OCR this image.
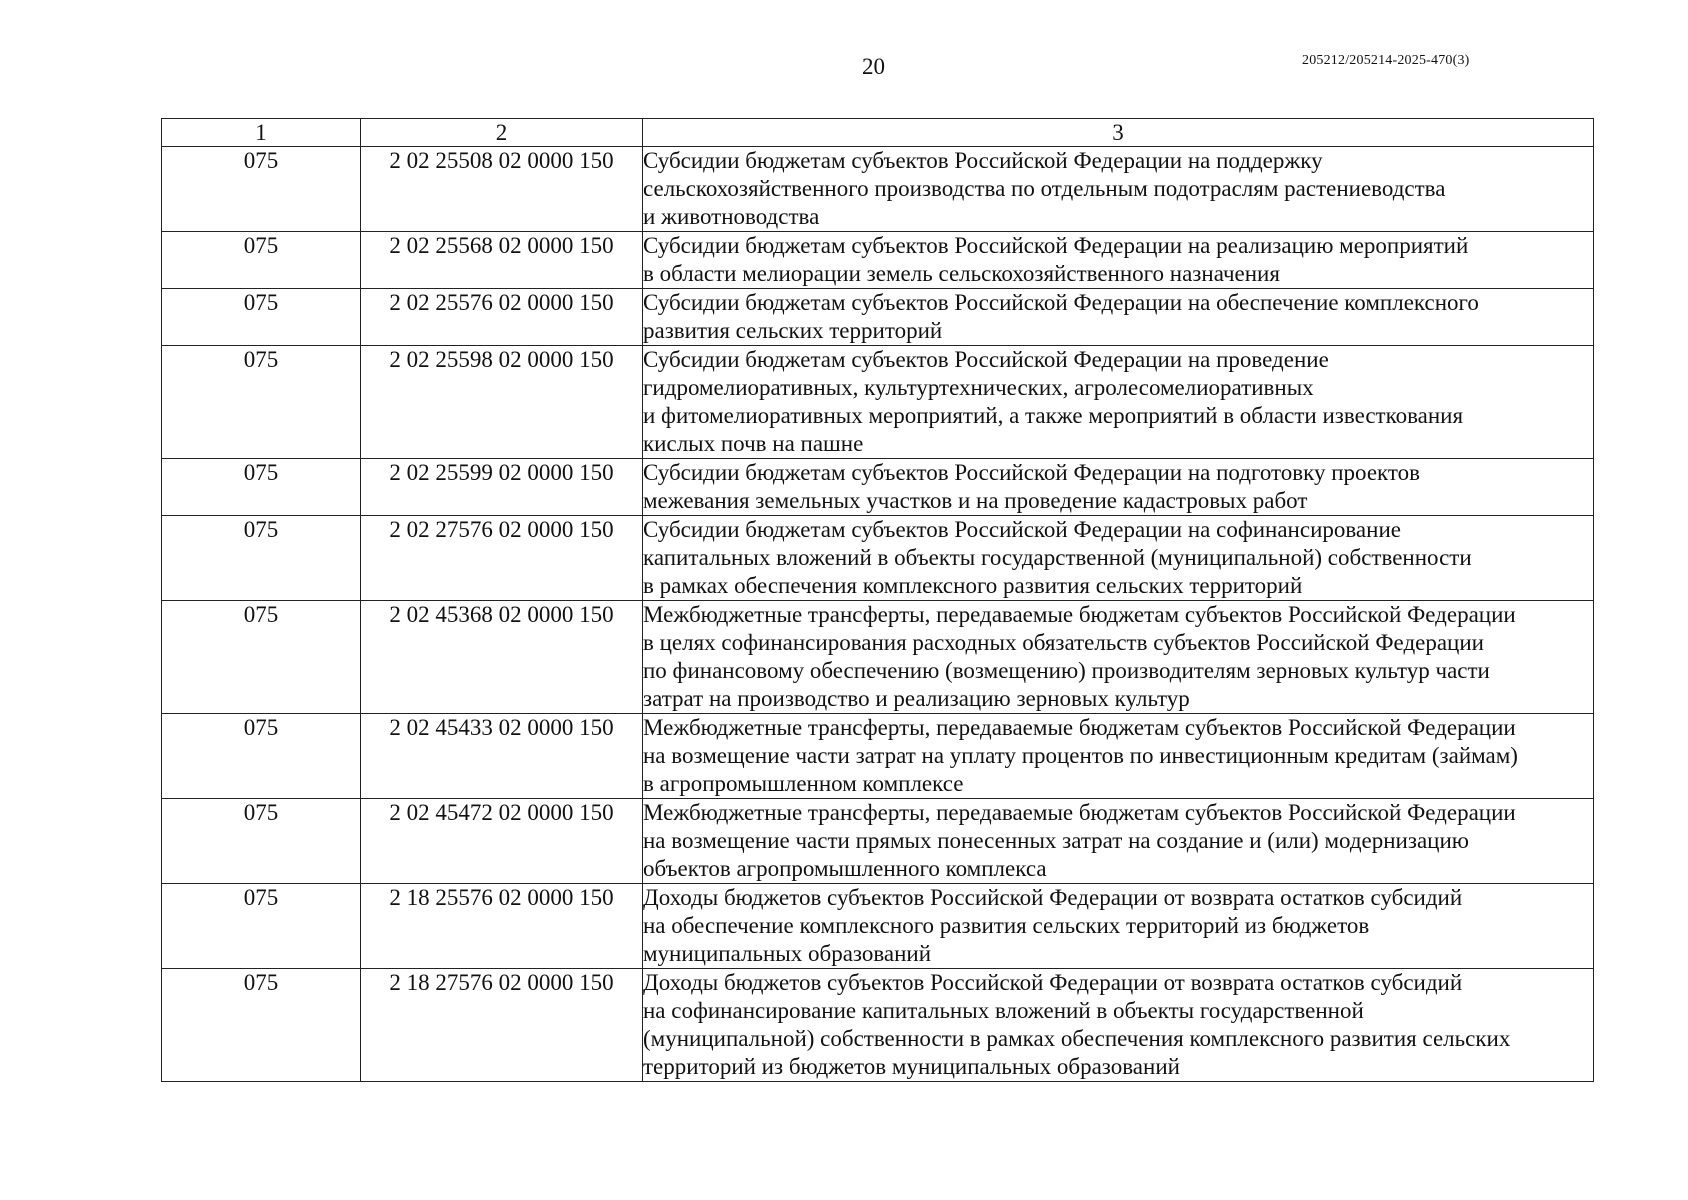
20	205212/205214-2025-470(3)
1	2	3
075	2 02 25508 02 0000 150	Субсидии бюджетам субъектов Российской Федерации на поддержку
сельскохозяйственного производства по отдельным подотраслям растениеводства
и животноводства

075	2 02 25568 02 0000 150	Субсидии бюджетам субъектов Российской Федерации на реализацию мероприятий
в области мелиорации земель сельскохозяйственного назначения

075	2 02 25576 02 0000 150	Субсидии бюджетам субъектов Российской Федерации на обеспечение комплексного
развития сельских территорий

075	2 02 25598 02 0000 150	Субсидии бюджетам субъектов Российской Федерации на проведение
гидромелиоративных, культуртехнических, агролесомелиоративных
и фитомелиоративных мероприятий, а также мероприятий в области известкования
кислых почв на пашне

075	2 02 25599 02 0000 150	Субсидии бюджетам субъектов Российской Федерации на подготовку проектов
межевания земельных участков и на проведение кадастровых работ

075	2 02 27576 02 0000 150	Субсидии бюджетам субъектов Российской Федерации на софинансирование
капитальных вложений в объекты государственной (муниципальной) собственности
в рамках обеспечения комплексного развития сельских территорий

075	2 02 45368 02 0000 150	Межбюджетные трансферты, передаваемые бюджетам субъектов Российской Федерации
в целях софинансирования расходных обязательств субъектов Российской Федерации
по финансовому обеспечению (возмещению) производителям зерновых культур части
затрат на производство и реализацию зерновых культур

075	2 02 45433 02 0000 150	Межбюджетные трансферты, передаваемые бюджетам субъектов Российской Федерации
на возмещение части затрат на уплату процентов по инвестиционным кредитам (займам)
в агропромышленном комплексе

075	2 02 45472 02 0000 150	Межбюджетные трансферты, передаваемые бюджетам субъектов Российской Федерации
на возмещение части прямых понесенных затрат на создание и (или) модернизацию
объектов агропромышленного комплекса

075	2 18 25576 02 0000 150	Доходы бюджетов субъектов Российской Федерации от возврата остатков субсидий
на обеспечение комплексного развития сельских территорий из бюджетов
муниципальных образований

075	2 18 27576 02 0000 150	Доходы бюджетов субъектов Российской Федерации от возврата остатков субсидий
на софинансирование капитальных вложений в объекты государственной
(муниципальной) собственности в рамках обеспечения комплексного развития сельских
территорий из бюджетов муниципальных образований
